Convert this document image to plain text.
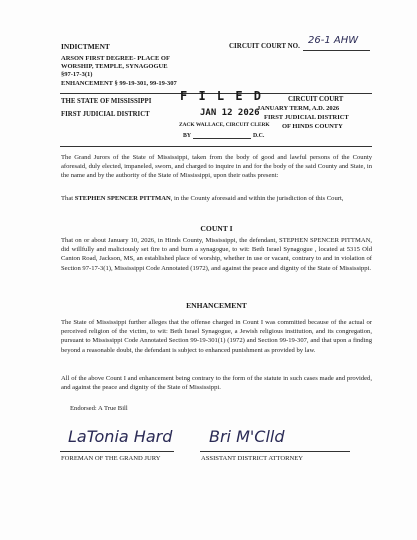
INDICTMENT	CIRCUIT COURT NO. 26-1 AHW
ARSON FIRST DEGREE- PLACE OF
WORSHIP, TEMPLE, SYNAGOGUE
§97-17-3(1)
ENHANCEMENT § 99-19-301, 99-19-307
THE STATE OF MISSISSIPPI	CIRCUIT COURT
F I L E D
JAN 12 2026
FIRST JUDICIAL DISTRICT
JANUARY TERM, A.D. 2026
FIRST JUDICIAL DISTRICT
OF HINDS COUNTY
ZACK WALLACE, CIRCUIT CLERK
BY	D.C.
The Grand Jurors of the State of Mississippi, taken from the body of good and lawful persons of the County aforesaid, duly elected, impaneled, sworn, and charged to inquire in and for the body of the said County and State, in the name and by the authority of the State of Mississippi, upon their oaths present:
That STEPHEN SPENCER PITTMAN, in the County aforesaid and within the jurisdiction of this Court,
COUNT I
That on or about January 10, 2026, in Hinds County, Mississippi, the defendant, STEPHEN SPENCER PITTMAN, did willfully and maliciously set fire to and burn a synagogue, to wit: Beth Israel Synagogue , located at 5315 Old Canton Road, Jackson, MS, an established place of worship, whether in use or vacant, contrary to and in violation of Section 97-17-3(1), Mississippi Code Annotated (1972), and against the peace and dignity of the State of Mississippi.
ENHANCEMENT
The State of Mississippi further alleges that the offense charged in Count I was committed because of the actual or perceived religion of the victim, to wit: Beth Israel Synagogue, a Jewish religious institution, and its congregation, pursuant to Mississippi Code Annotated Section 99-19-301(1) (1972) and Section 99-19-307, and that upon a finding beyond a reasonable doubt, the defendant is subject to enhanced punishment as provided by law.
All of the above Count I and enhancement being contrary to the form of the statute in such cases made and provided, and against the peace and dignity of the State of Mississippi.
Endorsed: A True Bill
LaTonia Hard
FOREMAN OF THE GRAND JURY
Bri M'Clld
ASSISTANT DISTRICT ATTORNEY
